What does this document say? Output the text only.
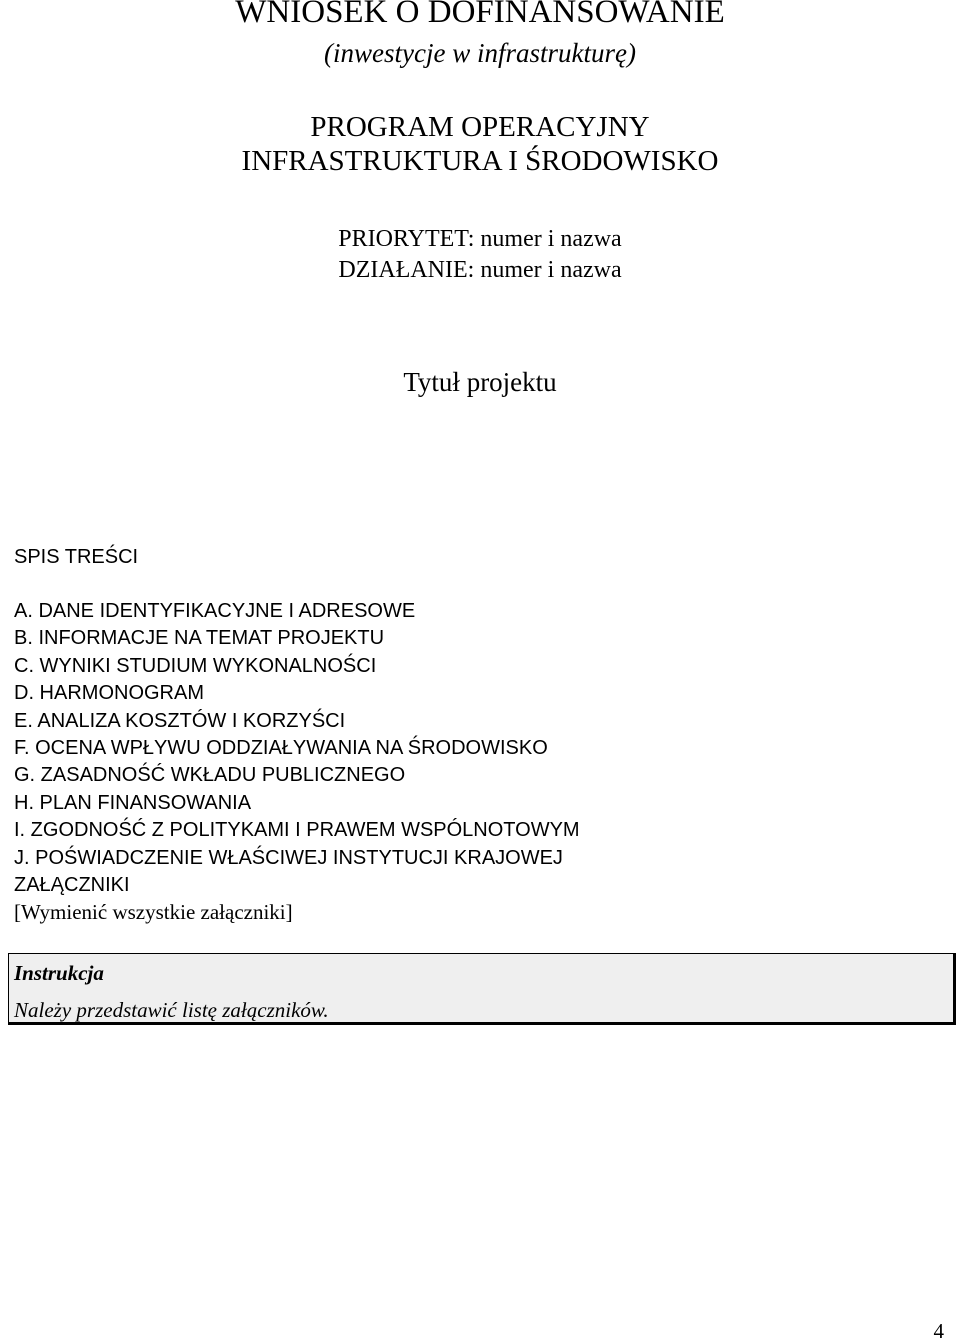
WNIOSEK O DOFINANSOWANIE
(inwestycje w infrastrukturę)
PROGRAM OPERACYJNY
INFRASTRUKTURA I ŚRODOWISKO
PRIORYTET: numer i nazwa
DZIAŁANIE: numer i nazwa
Tytuł projektu
SPIS TREŚCI
A. DANE IDENTYFIKACYJNE I ADRESOWE
B. INFORMACJE NA TEMAT PROJEKTU
C. WYNIKI STUDIUM WYKONALNOŚCI
D. HARMONOGRAM
E. ANALIZA KOSZTÓW I KORZYŚCI
F. OCENA WPŁYWU ODDZIAŁYWANIA NA ŚRODOWISKO
G. ZASADNOŚĆ WKŁADU PUBLICZNEGO
H. PLAN FINANSOWANIA
I. ZGODNOŚĆ Z POLITYKAMI I PRAWEM WSPÓLNOTOWYM
J. POŚWIADCZENIE WŁAŚCIWEJ INSTYTUCJI KRAJOWEJ
ZAŁĄCZNIKI
[Wymienić wszystkie załączniki]
Instrukcja
Należy przedstawić listę załączników.
4
